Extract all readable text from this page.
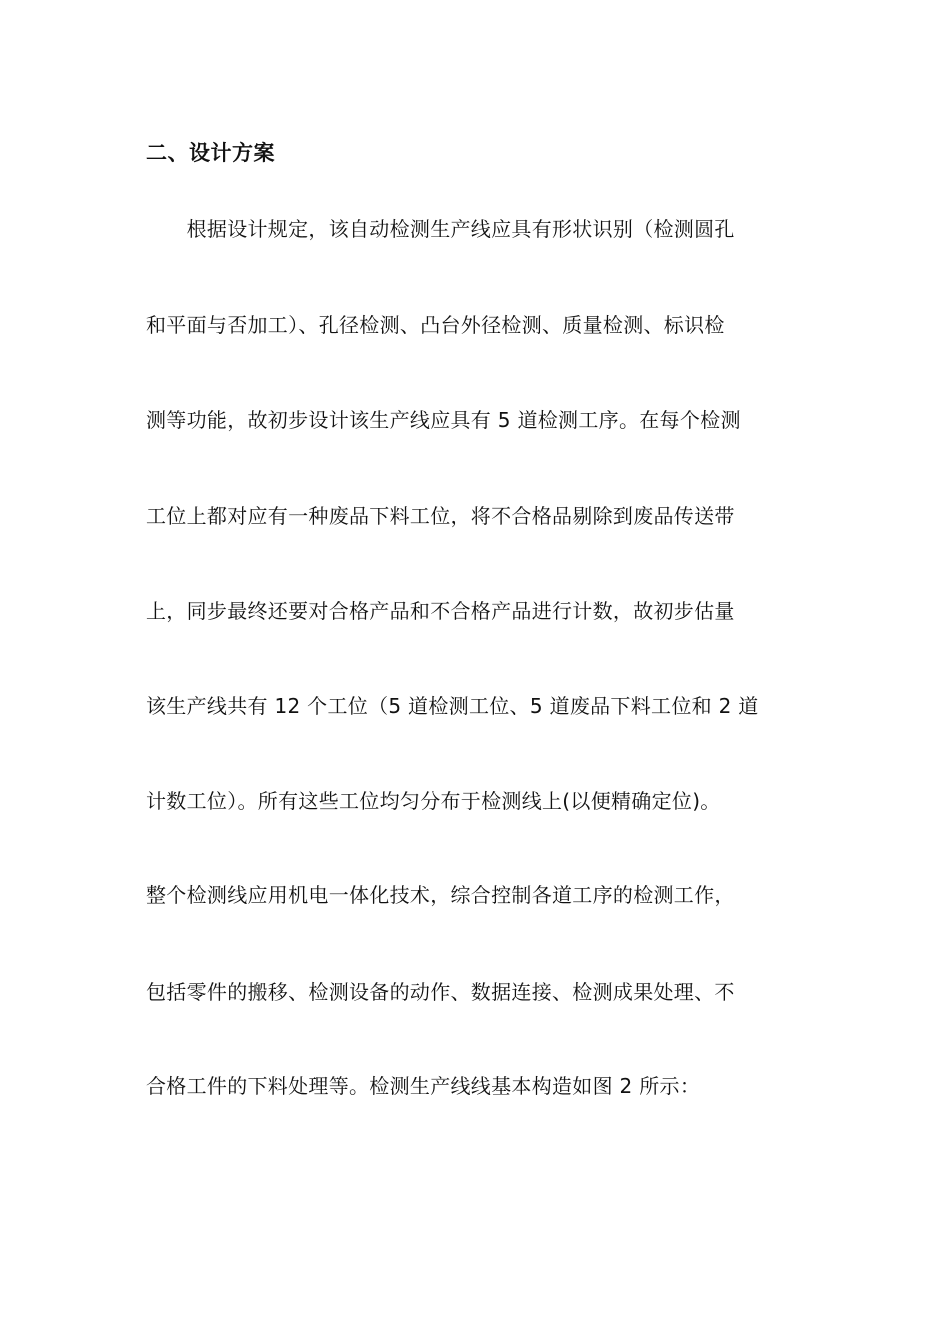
二、设计方案
　　根据设计规定，该自动检测生产线应具有形状识别（检测圆孔
和平面与否加工）、孔径检测、凸台外径检测、质量检测、标识检
测等功能，故初步设计该生产线应具有 5 道检测工序。在每个检测
工位上都对应有一种废品下料工位，将不合格品剔除到废品传送带
上，同步最终还要对合格产品和不合格产品进行计数，故初步估量
该生产线共有 12 个工位（5 道检测工位、5 道废品下料工位和 2 道
计数工位）。所有这些工位均匀分布于检测线上(以便精确定位)。
整个检测线应用机电一体化技术，综合控制各道工序的检测工作，
包括零件的搬移、检测设备的动作、数据连接、检测成果处理、不
合格工件的下料处理等。检测生产线线基本构造如图 2 所示：
